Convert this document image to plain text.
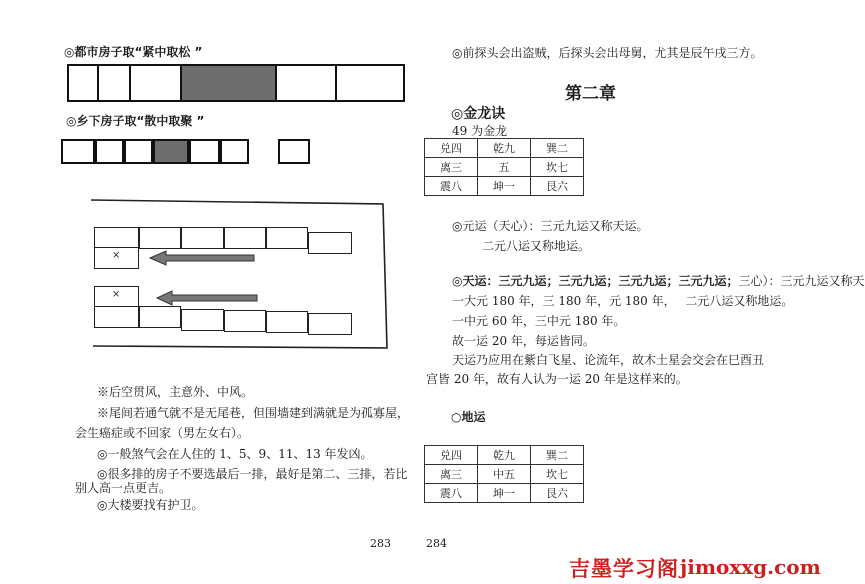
◎都市房子取“紧中取松 ”
◎乡下房子取“散中取聚 ”
×
×
※后空贯风，主意外、中风。
※尾间若通气就不是无尾巷，但围墙建到满就是为孤寡屋，
会生癌症或不回家（男左女右）。
◎一般煞气会在人住的 1、5、9、11、13 年发凶。
◎很多排的房子不要选最后一排，最好是第二、三排，若比
别人高一点更吉。
◎大楼要找有护卫。
283
◎前探头会出盗贼，后探头会出母舅，尤其是辰午戌三方。
第二章
◎金龙诀
49 为金龙
兑四	乾九	巽二
离三	五	坎七
震八	坤一	艮六
◎元运（天心）：三元九运又称天运。
二元八运又称地运。
◎天运：三元九运；三元九运；三元九运；三元九运；三心）：三元九运又称天
一大元 180 年，三 180 年，元 180 年，　 二元八运又称地运。
一中元 60 年，三中元 180 年。
故一运 20 年，每运皆同。
天运乃应用在紫白飞星、论流年，故木土星会交会在巳酉丑
宫皆 20 年，故有人认为一运 20 年是这样来的。
○地运
兑四	乾九	巽二
离三	中五	坎七
震八	坤一	艮六
284
吉墨学习阁 jimoxxg.com
